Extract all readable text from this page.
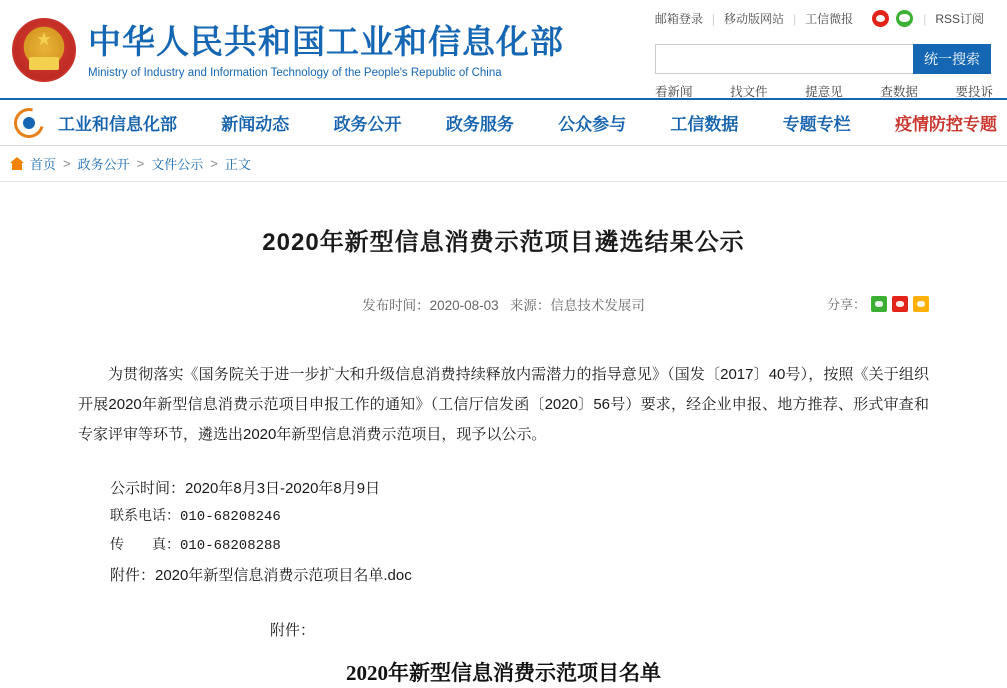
邮箱登录 | 移动版网站 | 工信微报	| RSS订阅
★ 中华人民共和国工业和信息化部
Ministry of Industry and Information Technology of the People's Republic of China
统一搜索
看新闻	找文件	提意见	查数据	要投诉
工业和信息化部	新闻动态	政务公开	政务服务	公众参与	工信数据	专题专栏	疫情防控专题
首页 > 政务公开 > 文件公示 > 正文
2020年新型信息消费示范项目遴选结果公示
发布时间：2020-08-03 来源：信息技术发展司	分享：

为贯彻落实《国务院关于进一步扩大和升级信息消费持续释放内需潜力的指导意见》（国发〔2017〕40号），按照《关于组织开展2020年新型信息消费示范项目申报工作的通知》（工信厅信发函〔2020〕56号）要求，经企业申报、地方推荐、形式审查和专家评审等环节，遴选出2020年新型信息消费示范项目，现予以公示。

公示时间：2020年8月3日-2020年8月9日
联系电话：010-68208246
传　　真：010-68208288
附件：2020年新型信息消费示范项目名单.doc
附件：
2020年新型信息消费示范项目名单
